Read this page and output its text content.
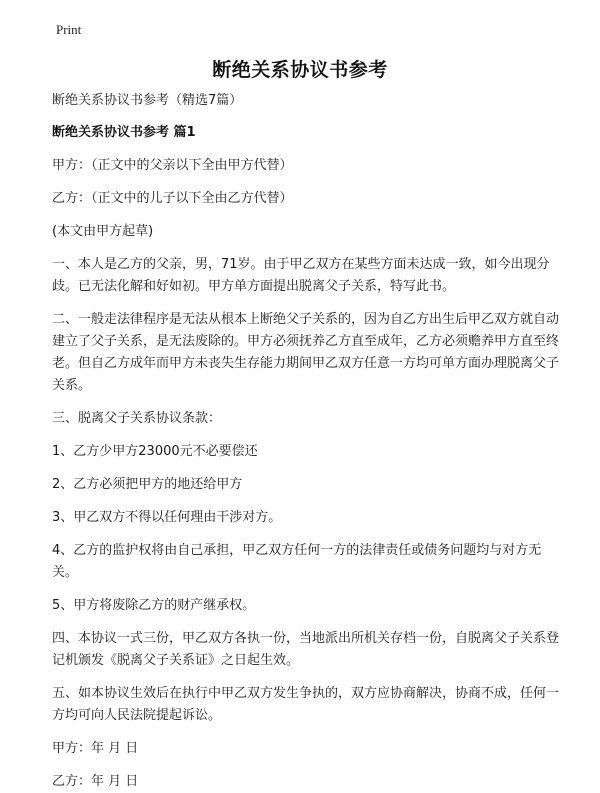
Print
断绝关系协议书参考

断绝关系协议书参考（精选7篇）

断绝关系协议书参考 篇1

甲方：（正文中的父亲以下全由甲方代替）

乙方：（正文中的儿子以下全由乙方代替）

(本文由甲方起草)

一、本人是乙方的父亲，男，71岁。由于甲乙双方在某些方面未达成一致，如今出现分歧。已无法化解和好如初。甲方单方面提出脱离父子关系，特写此书。

二、一般走法律程序是无法从根本上断绝父子关系的，因为自乙方出生后甲乙双方就自动建立了父子关系，是无法废除的。甲方必须抚养乙方直至成年，乙方必须赡养甲方直至终老。但自乙方成年而甲方未丧失生存能力期间甲乙双方任意一方均可单方面办理脱离父子关系。

三、脱离父子关系协议条款：

1、乙方少甲方23000元不必要偿还

2、乙方必须把甲方的地还给甲方

3、甲乙双方不得以任何理由干涉对方。

4、乙方的监护权将由自己承担，甲乙双方任何一方的法律责任或债务问题均与对方无关。

5、甲方将废除乙方的财产继承权。

四、本协议一式三份，甲乙双方各执一份，当地派出所机关存档一份，自脱离父子关系登记机颁发《脱离父子关系证》之日起生效。

五、如本协议生效后在执行中甲乙双方发生争执的，双方应协商解决，协商不成，任何一方均可向人民法院提起诉讼。

甲方：年 月 日

乙方：年 月 日
